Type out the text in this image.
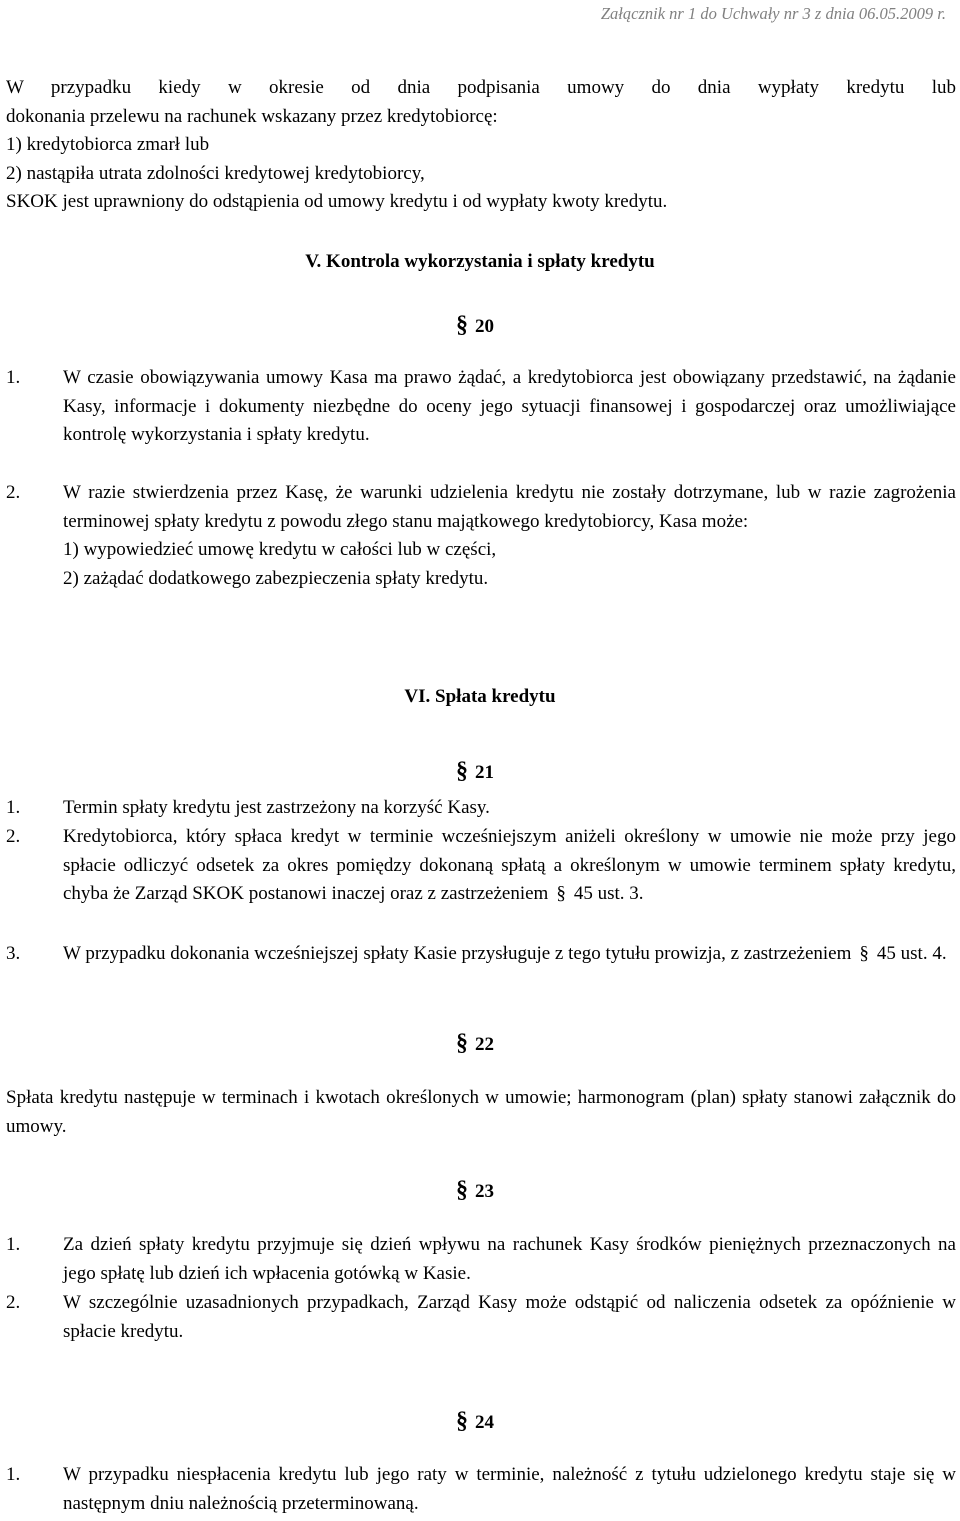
Załącznik nr 1 do Uchwały nr 3 z dnia 06.05.2009 r.
W przypadku kiedy w okresie od dnia podpisania umowy do dnia wypłaty kredytu lub
dokonania przelewu na rachunek wskazany przez kredytobiorcę:
1) kredytobiorca zmarł lub
2) nastąpiła utrata zdolności kredytowej kredytobiorcy,
SKOK jest uprawniony do odstąpienia od umowy kredytu i od wypłaty kwoty kredytu.
V. Kontrola wykorzystania i spłaty kredytu
§ 20
1. W czasie obowiązywania umowy Kasa ma prawo żądać, a kredytobiorca jest obowiązany przedstawić, na żądanie Kasy, informacje i dokumenty niezbędne do oceny jego sytuacji finansowej i gospodarczej oraz umożliwiające kontrolę wykorzystania i spłaty kredytu.
2. W razie stwierdzenia przez Kasę, że warunki udzielenia kredytu nie zostały dotrzymane, lub w razie zagrożenia terminowej spłaty kredytu z powodu złego stanu majątkowego kredytobiorcy, Kasa może:
1) wypowiedzieć umowę kredytu w całości lub w części,
2) zażądać dodatkowego zabezpieczenia spłaty kredytu.
VI. Spłata kredytu
§ 21
1. Termin spłaty kredytu jest zastrzeżony na korzyść Kasy.
2. Kredytobiorca, który spłaca kredyt w terminie wcześniejszym aniżeli określony w umowie nie może przy jego spłacie odliczyć odsetek za okres pomiędzy dokonaną spłatą a określonym w umowie terminem spłaty kredytu, chyba że Zarząd SKOK postanowi inaczej oraz z zastrzeżeniem § 45 ust. 3.
3. W przypadku dokonania wcześniejszej spłaty Kasie przysługuje z tego tytułu prowizja, z zastrzeżeniem § 45 ust. 4.
§ 22
Spłata kredytu następuje w terminach i kwotach określonych w umowie; harmonogram (plan) spłaty stanowi załącznik do umowy.
§ 23
1. Za dzień spłaty kredytu przyjmuje się dzień wpływu na rachunek Kasy środków pieniężnych przeznaczonych na jego spłatę lub dzień ich wpłacenia gotówką w Kasie.
2. W szczególnie uzasadnionych przypadkach, Zarząd Kasy może odstąpić od naliczenia odsetek za opóźnienie w spłacie kredytu.
§ 24
1. W przypadku niespłacenia kredytu lub jego raty w terminie, należność z tytułu udzielonego kredytu staje się w następnym dniu należnością przeterminowaną.
